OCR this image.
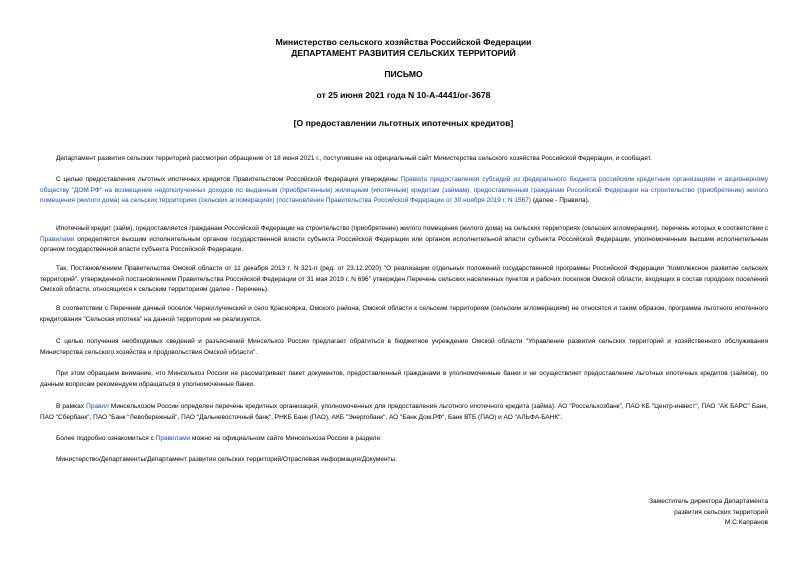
Министерство сельского хозяйства Российской Федерации
ДЕПАРТАМЕНТ РАЗВИТИЯ СЕЛЬСКИХ ТЕРРИТОРИЙ
ПИСЬМО
от 25 июня 2021 года N 10-А-4441/ог-3678
[О предоставлении льготных ипотечных кредитов]
Департамент развития сельских территорий рассмотрел обращение от 18 июня 2021 г., поступившее на официальный сайт Министерства сельского хозяйства Российской Федерации, и сообщает.
С целью предоставления льготных ипотечных кредитов Правительством Российской Федерации утверждены Правила предоставления субсидий из федерального бюджета российским кредитным организациям и акционерному обществу "ДОМ.РФ" на возмещение недополученных доходов по выданным (приобретенным) жилищным (ипотечным) кредитам (займам), предоставленным гражданам Российской Федерации на строительство (приобретение) жилого помещения (жилого дома) на сельских территориях (сельских агломерациях) (постановление Правительства Российской Федерации от 30 ноября 2019 г. N 1567) (далее - Правила).
Ипотечный кредит (займ), предоставляется гражданам Российской Федерации на строительство (приобретение) жилого помещения (жилого дома) на сельских территориях (сельских агломерациях), перечень которых в соответствии с Правилами определяется высшим исполнительным органом государственной власти субъекта Российской Федерации или органом исполнительной власти субъекта Российской Федерации, уполномоченным высшим исполнительным органом государственной власти субъекта Российской Федерации.
Так, Постановлением Правительства Омской области от 11 декабря 2013 г. N 321-п (ред. от 23.12.2020) "О реализации отдельных положений государственной программы Российской Федерации "Комплексное развитие сельских территорий", утвержденной постановлением Правительства Российской Федерации от 31 мая 2019 г. N 696" утвержден Перечень сельских населенных пунктов и рабочих поселков Омской области, входящих в состав городских поселений Омской области, относящихся к сельским территориям (далее - Перечень).
В соответствии с Перечнем дачный поселок Черноглучинский и село Красноярка, Омского района, Омской области к сельским территориям (сельским агломерациям) не относятся и таким образом, программа льготного ипотечного кредитования "Сельская ипотека" на данной территории не реализуется.
С целью получения необходимых сведений и разъяснений Минсельхоз России предлагает обратиться в бюджетное учреждение Омской области "Управление развития сельских территорий и хозяйственного обслуживания Министерства сельского хозяйства и продовольствия Омской области".
При этом обращаем внимание, что Минсельхоз России не рассматривает пакет документов, предоставленный гражданами в уполномоченные банки и не осуществляет предоставление льготных ипотечных кредитов (займов), по данным вопросам рекомендуем обращаться в уполномоченные банки.
В рамках Правил Минсельхозом России определен перечень кредитных организаций, уполномоченных для предоставления льготного ипотечного кредита (займа): АО "Россельхозбанк", ПАО КБ "Центр-инвест", ПАО "АК БАРС" Банк, ПАО "Сбербанк", ПАО "Банк "Левобережный", ПАО "Дальневосточный банк", РНКБ Банк (ПАО), АКБ "Энергобанк", АО "Банк Дом.РФ", Банк ВТБ (ПАО) и АО "АЛЬФА-БАНК".
Более подробно ознакомиться с Правилами можно на официальном сайте Минсельхоза России в разделе:
Министерство/Департаменты/Департамент развития сельских территорий/Отраслевая информация/Документы.
Заместитель директора Департамента
развития сельских территорий
М.С.Капранов
